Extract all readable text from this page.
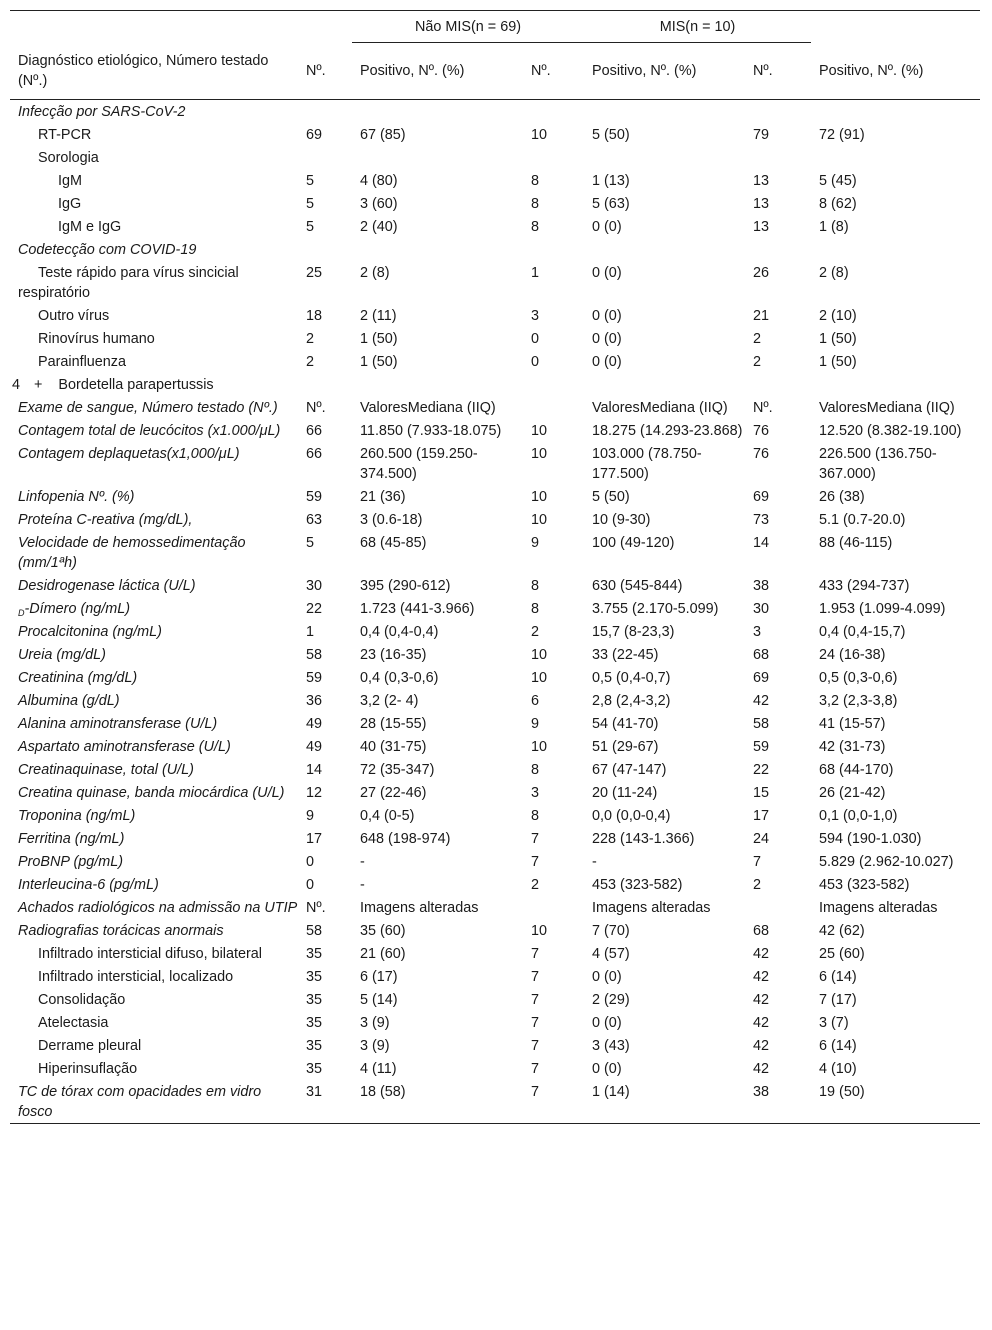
		Não MIS(n = 69)		MIS(n = 10)		
Diagnóstico etiológico, Número testado (Nº.)	Nº.	Positivo, Nº. (%)	Nº.	Positivo, Nº. (%)	Nº.	Positivo, Nº. (%)
Infecção por SARS-CoV-2						
RT-PCR	69	67 (85)	10	5 (50)	79	72 (91)
Sorologia						
IgM	5	4 (80)	8	1 (13)	13	5 (45)
IgG	5	3 (60)	8	5 (63)	13	8 (62)
IgM e IgG	5	2 (40)	8	0 (0)	13	1 (8)
Codetecção com COVID-19						
Teste rápido para vírus sincicial respiratório	25	2 (8)	1	0 (0)	26	2 (8)
Outro vírus	18	2 (11)	3	0 (0)	21	2 (10)
Rinovírus humano	2	1 (50)	0	0 (0)	2	1 (50)
Parainfluenza	2	1 (50)	0	0 (0)	2	1 (50)
4 + Bordetella parapertussis						
Exame de sangue, Número testado (Nº.)	Nº.	ValoresMediana (IIQ)		ValoresMediana (IIQ)	Nº.	ValoresMediana (IIQ)
Contagem total de leucócitos (x1.000/μL)	66	11.850 (7.933-18.075)	10	18.275 (14.293-23.868)	76	12.520 (8.382-19.100)
Contagem deplaquetas(x1,000/μL)	66	260.500 (159.250-374.500)	10	103.000 (78.750-177.500)	76	226.500 (136.750-367.000)
Linfopenia Nº. (%)	59	21 (36)	10	5 (50)	69	26 (38)
Proteína C-reativa (mg/dL),	63	3 (0.6-18)	10	10 (9-30)	73	5.1 (0.7-20.0)
Velocidade de hemossedimentação (mm/1ªh)	5	68 (45-85)	9	100 (49-120)	14	88 (46-115)
Desidrogenase láctica (U/L)	30	395 (290-612)	8	630 (545-844)	38	433 (294-737)
$_D$-Dímero (ng/mL)	22	1.723 (441-3.966)	8	3.755 (2.170-5.099)	30	1.953 (1.099-4.099)
Procalcitonina (ng/mL)	1	0,4 (0,4-0,4)	2	15,7 (8-23,3)	3	0,4 (0,4-15,7)
Ureia (mg/dL)	58	23 (16-35)	10	33 (22-45)	68	24 (16-38)
Creatinina (mg/dL)	59	0,4 (0,3-0,6)	10	0,5 (0,4-0,7)	69	0,5 (0,3-0,6)
Albumina (g/dL)	36	3,2 (2- 4)	6	2,8 (2,4-3,2)	42	3,2 (2,3-3,8)
Alanina aminotransferase (U/L)	49	28 (15-55)	9	54 (41-70)	58	41 (15-57)
Aspartato aminotransferase (U/L)	49	40 (31-75)	10	51 (29-67)	59	42 (31-73)
Creatinaquinase, total (U/L)	14	72 (35-347)	8	67 (47-147)	22	68 (44-170)
Creatina quinase, banda miocárdica (U/L)	12	27 (22-46)	3	20 (11-24)	15	26 (21-42)
Troponina (ng/mL)	9	0,4 (0-5)	8	0,0 (0,0-0,4)	17	0,1 (0,0-1,0)
Ferritina (ng/mL)	17	648 (198-974)	7	228 (143-1.366)	24	594 (190-1.030)
ProBNP (pg/mL)	0	-	7	-	7	5.829 (2.962-10.027)
Interleucina-6 (pg/mL)	0	-	2	453 (323-582)	2	453 (323-582)
Achados radiológicos na admissão na UTIP	Nº.	Imagens alteradas		Imagens alteradas		Imagens alteradas
Radiografias torácicas anormais	58	35 (60)	10	7 (70)	68	42 (62)
Infiltrado intersticial difuso, bilateral	35	21 (60)	7	4 (57)	42	25 (60)
Infiltrado intersticial, localizado	35	6 (17)	7	0 (0)	42	6 (14)
Consolidação	35	5 (14)	7	2 (29)	42	7 (17)
Atelectasia	35	3 (9)	7	0 (0)	42	3 (7)
Derrame pleural	35	3 (9)	7	3 (43)	42	6 (14)
Hiperinsuflação	35	4 (11)	7	0 (0)	42	4 (10)
TC de tórax com opacidades em vidro fosco	31	18 (58)	7	1 (14)	38	19 (50)
